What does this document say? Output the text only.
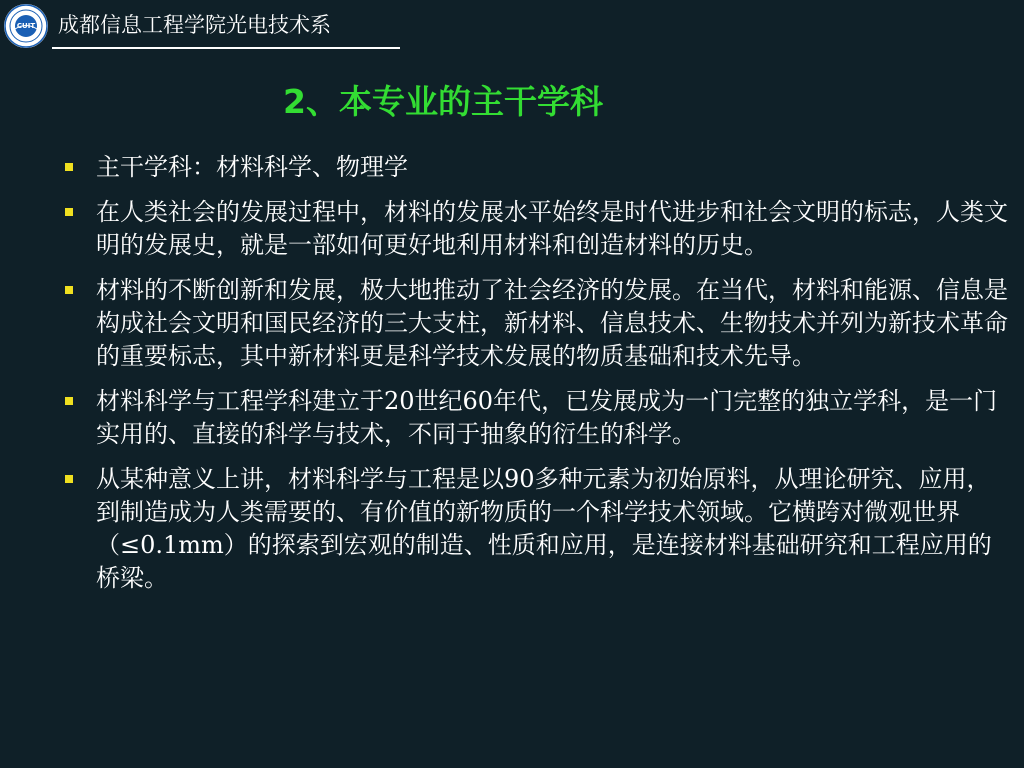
CUIT 成都信息工程学院光电技术系
2、本专业的主干学科
主干学科：材料科学、物理学
在人类社会的发展过程中，材料的发展水平始终是时代进步和社会文明的标志，人类文明的发展史，就是一部如何更好地利用材料和创造材料的历史。
材料的不断创新和发展，极大地推动了社会经济的发展。在当代，材料和能源、信息是构成社会文明和国民经济的三大支柱，新材料、信息技术、生物技术并列为新技术革命的重要标志，其中新材料更是科学技术发展的物质基础和技术先导。
材料科学与工程学科建立于20世纪60年代，已发展成为一门完整的独立学科，是一门实用的、直接的科学与技术，不同于抽象的衍生的科学。
从某种意义上讲，材料科学与工程是以90多种元素为初始原料，从理论研究、应用，到制造成为人类需要的、有价值的新物质的一个科学技术领域。它横跨对微观世界（≤0.1mm）的探索到宏观的制造、性质和应用，是连接材料基础研究和工程应用的桥梁。
